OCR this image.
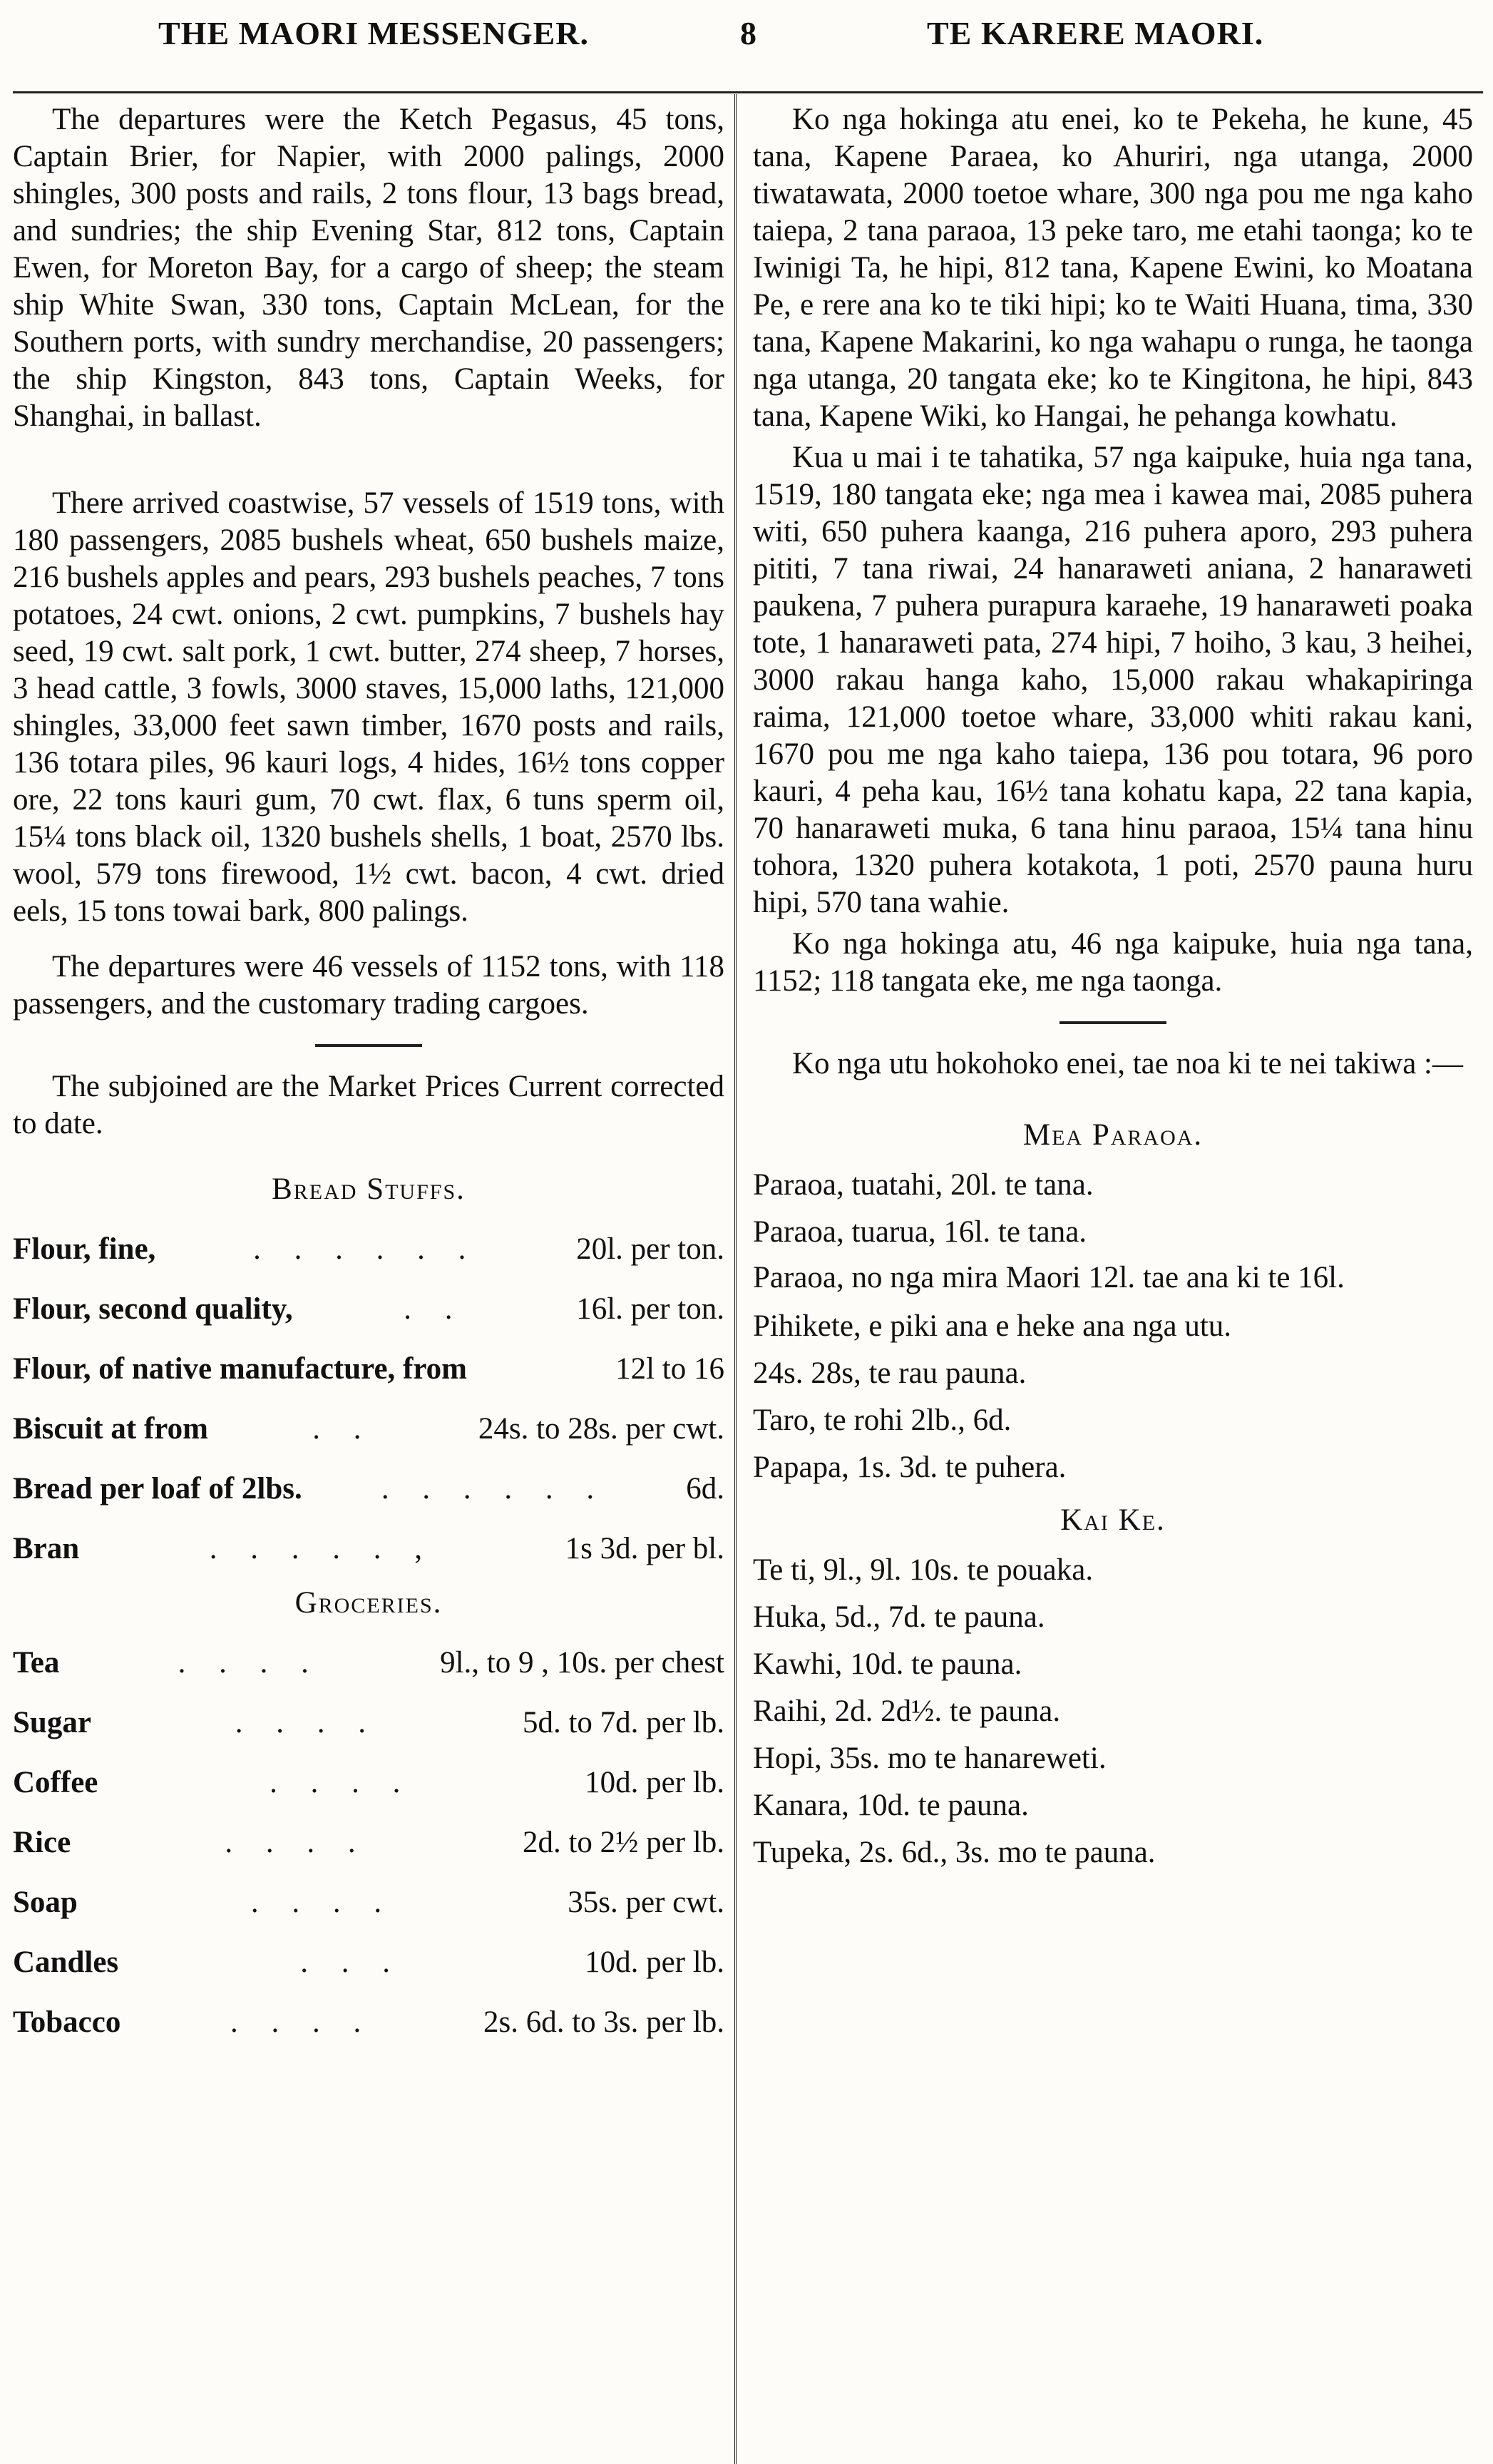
THE MAORI MESSENGER.	8	TE KARERE MAORI.

The departures were the Ketch Pegasus, 45 tons, Captain Brier, for Napier, with 2000 palings, 2000 shingles, 300 posts and rails, 2 tons flour, 13 bags bread, and sundries; the ship Evening Star, 812 tons, Captain Ewen, for Moreton Bay, for a cargo of sheep; the steam ship White Swan, 330 tons, Captain McLean, for the Southern ports, with sundry merchandise, 20 passengers; the ship Kingston, 843 tons, Captain Weeks, for Shanghai, in ballast.

There arrived coastwise, 57 vessels of 1519 tons, with 180 passengers, 2085 bushels wheat, 650 bushels maize, 216 bushels apples and pears, 293 bushels peaches, 7 tons potatoes, 24 cwt. onions, 2 cwt. pumpkins, 7 bushels hay seed, 19 cwt. salt pork, 1 cwt. butter, 274 sheep, 7 horses, 3 head cattle, 3 fowls, 3000 staves, 15,000 laths, 121,000 shingles, 33,000 feet sawn timber, 1670 posts and rails, 136 totara piles, 96 kauri logs, 4 hides, 16½ tons copper ore, 22 tons kauri gum, 70 cwt. flax, 6 tuns sperm oil, 15¼ tons black oil, 1320 bushels shells, 1 boat, 2570 lbs. wool, 579 tons firewood, 1½ cwt. bacon, 4 cwt. dried eels, 15 tons towai bark, 800 palings.

The departures were 46 vessels of 1152 tons, with 118 passengers, and the customary trading cargoes.

The subjoined are the Market Prices Current corrected to date.

Bread Stuffs.
Flour, fine,	. . . . . .	20l. per ton.
Flour, second quality,	. .	16l. per ton.
Flour, of native manufacture, from	12l to 16
Biscuit at from	. .	24s. to 28s. per cwt.
Bread per loaf of 2lbs.	. . . . . .	6d.
Bran	. . . . . ,	1s 3d. per bl.
Groceries.
Tea	. . . .	9l., to 9 , 10s. per chest
Sugar	. . . .	5d. to 7d. per lb.
Coffee	. . . .	10d. per lb.
Rice	. . . .	2d. to 2½ per lb.
Soap	. . . .	35s. per cwt.
Candles	. . .	10d. per lb.
Tobacco	. . . .	2s. 6d. to 3s. per lb.

Ko nga hokinga atu enei, ko te Pekeha, he kune, 45 tana, Kapene Paraea, ko Ahuriri, nga utanga, 2000 tiwatawata, 2000 toetoe whare, 300 nga pou me nga kaho taiepa, 2 tana paraoa, 13 peke taro, me etahi taonga; ko te Iwinigi Ta, he hipi, 812 tana, Kapene Ewini, ko Moatana Pe, e rere ana ko te tiki hipi; ko te Waiti Huana, tima, 330 tana, Kapene Makarini, ko nga wahapu o runga, he taonga nga utanga, 20 tangata eke; ko te Kingitona, he hipi, 843 tana, Kapene Wiki, ko Hangai, he pehanga kowhatu.

Kua u mai i te tahatika, 57 nga kaipuke, huia nga tana, 1519, 180 tangata eke; nga mea i kawea mai, 2085 puhera witi, 650 puhera kaanga, 216 puhera aporo, 293 puhera pititi, 7 tana riwai, 24 hanaraweti aniana, 2 hanaraweti paukena, 7 puhera purapura karaehe, 19 hanaraweti poaka tote, 1 hanaraweti pata, 274 hipi, 7 hoiho, 3 kau, 3 heihei, 3000 rakau hanga kaho, 15,000 rakau whakapiringa raima, 121,000 toetoe whare, 33,000 whiti rakau kani, 1670 pou me nga kaho taiepa, 136 pou totara, 96 poro kauri, 4 peha kau, 16½ tana kohatu kapa, 22 tana kapia, 70 hanaraweti muka, 6 tana hinu paraoa, 15¼ tana hinu tohora, 1320 puhera kotakota, 1 poti, 2570 pauna huru hipi, 570 tana wahie.

Ko nga hokinga atu, 46 nga kaipuke, huia nga tana, 1152; 118 tangata eke, me nga taonga.

Ko nga utu hokohoko enei, tae noa ki te nei takiwa :—

Mea Paraoa.
Paraoa, tuatahi, 20l. te tana.
Paraoa, tuarua, 16l. te tana.
Paraoa, no nga mira Maori 12l. tae ana ki te 16l.
Pihikete, e piki ana e heke ana nga utu.
24s. 28s, te rau pauna.
Taro, te rohi 2lb., 6d.
Papapa, 1s. 3d. te puhera.
Kai Ke.
Te ti, 9l., 9l. 10s. te pouaka.
Huka, 5d., 7d. te pauna.
Kawhi, 10d. te pauna.
Raihi, 2d. 2d½. te pauna.
Hopi, 35s. mo te hanareweti.
Kanara, 10d. te pauna.
Tupeka, 2s. 6d., 3s. mo te pauna.
